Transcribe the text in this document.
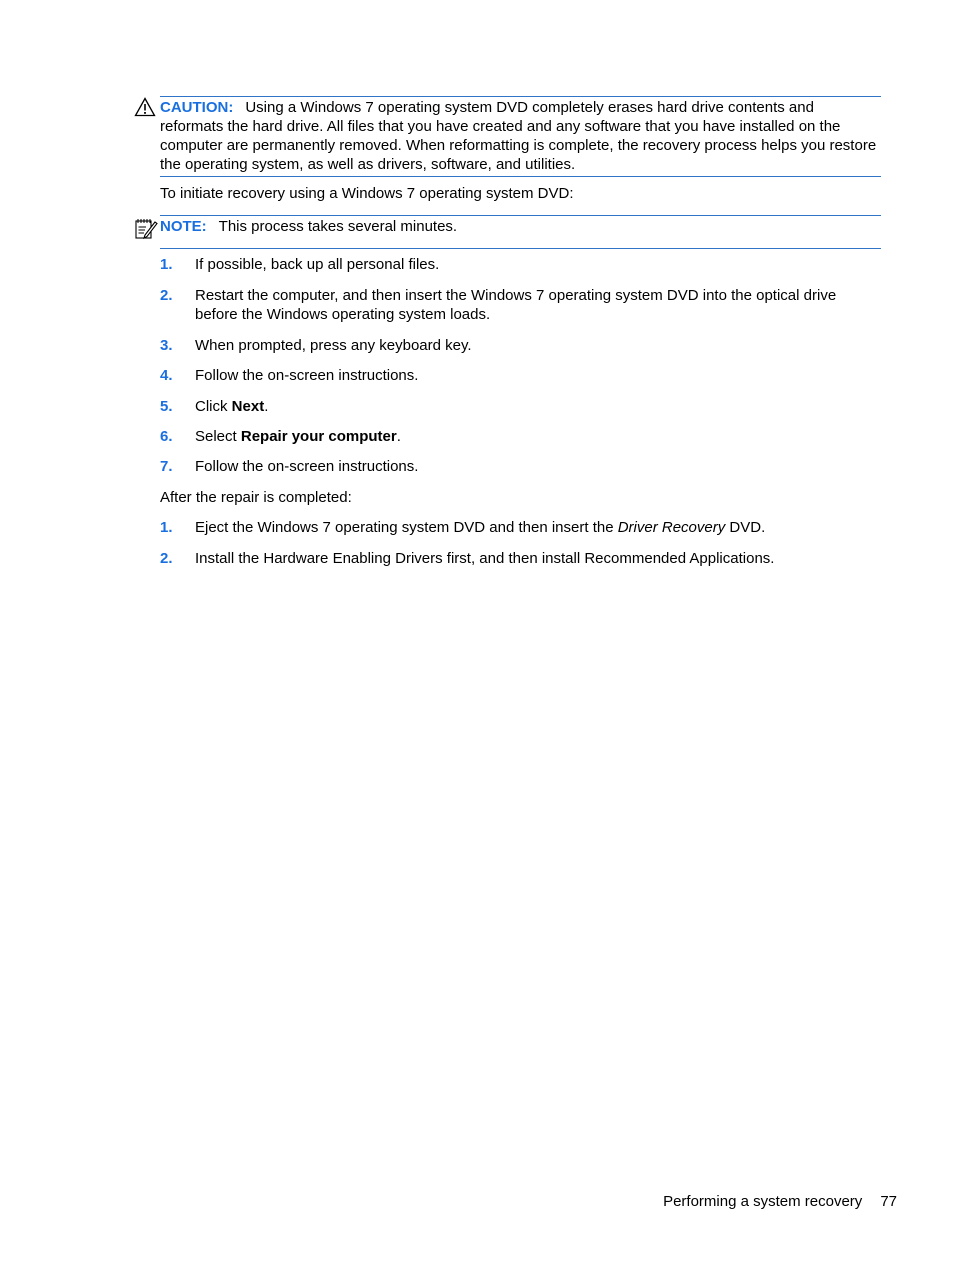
CAUTION: Using a Windows 7 operating system DVD completely erases hard drive contents and reformats the hard drive. All files that you have created and any software that you have installed on the computer are permanently removed. When reformatting is complete, the recovery process helps you restore the operating system, as well as drivers, software, and utilities.
To initiate recovery using a Windows 7 operating system DVD:
NOTE: This process takes several minutes.
1. If possible, back up all personal files.
2. Restart the computer, and then insert the Windows 7 operating system DVD into the optical drive before the Windows operating system loads.
3. When prompted, press any keyboard key.
4. Follow the on-screen instructions.
5. Click Next.
6. Select Repair your computer.
7. Follow the on-screen instructions.
After the repair is completed:
1. Eject the Windows 7 operating system DVD and then insert the Driver Recovery DVD.
2. Install the Hardware Enabling Drivers first, and then install Recommended Applications.
Performing a system recovery 77
